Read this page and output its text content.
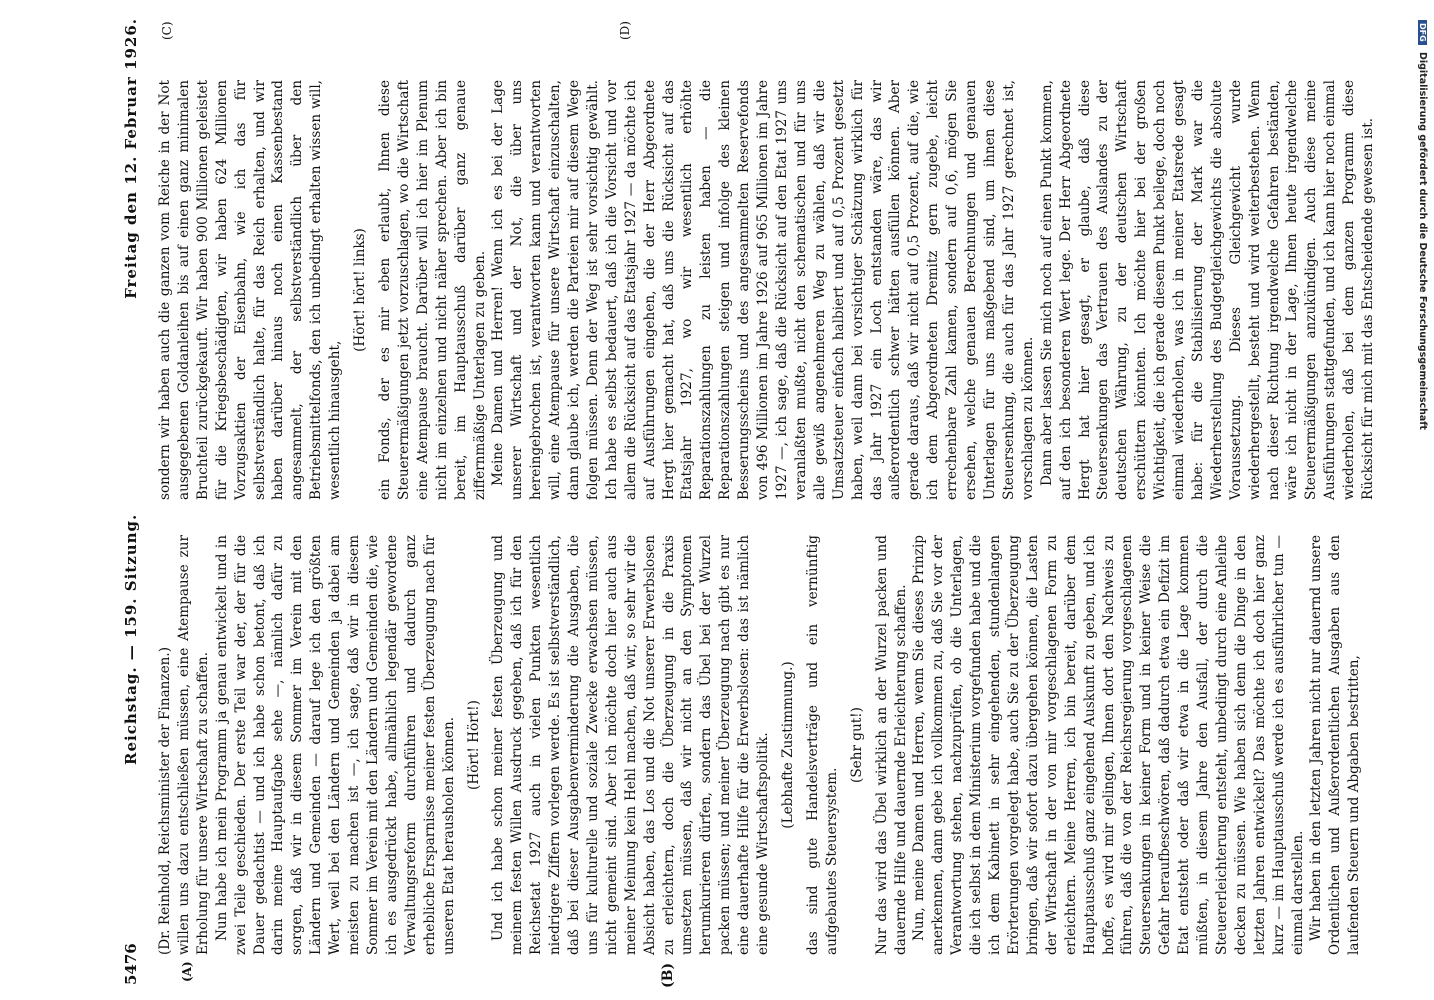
5476
Reichstag. — 159. Sitzung.
Freitag den 12. Februar 1926.
(A)	(B)
(C)	(D)

(Dr. Reinhold, Reichsminister der Finanzen.) willen uns dazu entschließen müssen, eine Atempause zur Erholung für unsere Wirtschaft zu schaffen. Nun habe ich mein Programm ja genau entwickelt und in zwei Teile geschieden. Der erste Teil war der, der für die Dauer gedachtist — und ich habe schon betont, daß ich darin meine Hauptaufgabe sehe —, nämlich dafür zu sorgen, daß wir in diesem Sommer im Verein mit den Ländern und Gemeinden — darauf lege ich den größten Wert, weil bei den Ländern und Gemeinden ja dabei am meisten zu machen ist —, ich sage, daß wir in diesem Sommer im Verein mit den Ländern und Gemeinden die, wie ich es ausgedrückt habe, allmählich legendär gewordene Verwaltungsreform durchführen und dadurch ganz erhebliche Ersparnisse meiner festen Überzeugung nach für unseren Etat herausholen können. (Hört! Hört!) Und ich habe schon meiner festen Überzeugung und meinem festen Willen Ausdruck gegeben, daß ich für den Reichsetat 1927 auch in vielen Punkten wesentlich niedrigere Ziffern vorlegen werde. Es ist selbstverständlich, daß bei dieser Ausgabenverminderung die Ausgaben, die uns für kulturelle und soziale Zwecke erwachsen müssen, nicht gemeint sind. Aber ich möchte doch hier auch aus meiner Meinung kein Hehl machen, daß wir, so sehr wir die Absicht haben, das Los und die Not unserer Erwerbslosen zu erleichtern, doch die Überzeugung in die Praxis umsetzen müssen, daß wir nicht an den Symptomen herumkurieren dürfen, sondern das Übel bei der Wurzel packen müssen; und meiner Überzeugung nach gibt es nur eine dauerhafte Hilfe für die Erwerbslosen: das ist nämlich eine gesunde Wirtschaftspolitik. (Lebhafte Zustimmung.) das sind gute Handelsverträge und ein vernünftig aufgebautes Steuersystem.

(Sehr gut!) Nur das wird das Übel wirklich an der Wurzel packen und dauernde Hilfe und dauernde Erleichterung schaffen. Nun, meine Damen und Herren, wenn Sie dieses Prinzip anerkennen, dann gebe ich vollkommen zu, daß Sie vor der Verantwortung stehen, nachzuprüfen, ob die Unterlagen, die ich selbst in dem Ministerium vorgefunden habe und die ich dem Kabinett in sehr eingehenden, stundenlangen Erörterungen vorgelegt habe, auch Sie zu der Überzeugung bringen, daß wir sofort dazu übergehen können, die Lasten der Wirtschaft in der von mir vorgeschlagenen Form zu erleichtern. Meine Herren, ich bin bereit, darüber dem Hauptausschuß ganz eingehend Auskunft zu geben, und ich hoffe, es wird mir gelingen, Ihnen dort den Nachweis zu führen, daß die von der Reichsregierung vorgeschlagenen Steuersenkungen in keiner Form und in keiner Weise die Gefahr heraufbeschwören, daß dadurch etwa ein Defizit im Etat entsteht oder daß wir etwa in die Lage kommen müßten, in diesem Jahre den Ausfall, der durch die Steuererleichterung entsteht, unbedingt durch eine Anleihe decken zu müssen. Wie haben sich denn die Dinge in den letzten Jahren entwickelt? Das möchte ich doch hier ganz kurz — im Hauptausschuß werde ich es ausführlicher tun — einmal darstellen. Wir haben in den letzten Jahren nicht nur dauernd unsere Ordentlichen und Außerordentlichen Ausgaben aus den laufenden Steuern und Abgaben bestritten,

sondern wir haben auch die ganzen vom Reiche in der Not ausgegebenen Goldanleihen bis auf einen ganz minimalen Bruchteil zurückgekauft. Wir haben 900 Millionen geleistet für die Kriegsbeschädigten, wir haben 624 Millionen Vorzugsaktien der Eisenbahn, wie ich das für selbstverständlich halte, für das Reich erhalten, und wir haben darüber hinaus noch einen Kassenbestand angesammelt, der selbstverständlich über den Betriebsmittelfonds, den ich unbedingt erhalten wissen will, wesentlich hinausgeht,

(Hört! hört! links) ein Fonds, der es mir eben erlaubt, Ihnen diese Steuerermäßigungen jetzt vorzuschlagen, wo die Wirtschaft eine Atempause braucht. Darüber will ich hier im Plenum nicht im einzelnen und nicht näher sprechen. Aber ich bin bereit, im Hauptausschuß darüber ganz genaue ziffernmäßige Unterlagen zu geben. Meine Damen und Herren! Wenn ich es bei der Lage unserer Wirtschaft und der Not, die über uns hereingebrochen ist, verantworten kann und verantworten will, eine Atempause für unsere Wirtschaft einzuschalten, dann glaube ich, werden die Parteien mir auf diesem Wege folgen müssen. Denn der Weg ist sehr vorsichtig gewählt. Ich habe es selbst bedauert, daß ich die Vorsicht und vor allem die Rücksicht auf das Etatsjahr 1927 — da möchte ich auf Ausführungen eingehen, die der Herr Abgeordnete Hergt hier gemacht hat, daß uns die Rücksicht auf das Etatsjahr 1927, wo wir wesentlich erhöhte Reparationszahlungen zu leisten haben — die Reparationszahlungen steigen und infolge des kleinen Besserungsscheins und des angesammelten Reservefonds von 496 Millionen im Jahre 1926 auf 965 Millionen im Jahre 1927 —, ich sage, daß die Rücksicht auf den Etat 1927 uns veranlaßten mußte, nicht den schematischen und für uns alle gewiß angenehmeren Weg zu wählen, daß wir die Umsatzsteuer einfach halbiert und auf 0,5 Prozent gesetzt haben, weil dann bei vorsichtiger Schätzung wirklich für das Jahr 1927 ein Loch entstanden wäre, das wir außerordentlich schwer hätten ausfüllen können. Aber gerade daraus, daß wir nicht auf 0,5 Prozent, auf die, wie ich dem Abgeordneten Dremitz gern zugebe, leicht errechenbare Zahl kamen, sondern auf 0,6, mögen Sie ersehen, welche genauen Berechnungen und genauen Unterlagen für uns maßgebend sind, um ihnen diese Steuersenkung, die auch für das Jahr 1927 gerechnet ist, vorschlagen zu können. Dann aber lassen Sie mich noch auf einen Punkt kommen, auf den ich besonderen Wert lege. Der Herr Abgeordnete Hergt hat hier gesagt, er glaube, daß diese Steuersenkungen das Vertrauen des Auslandes zu der deutschen Währung, zu der deutschen Wirtschaft erschüttern könnten. Ich möchte hier bei der großen Wichtigkeit, die ich gerade diesem Punkt beilege, doch noch einmal wiederholen, was ich in meiner Etatsrede gesagt habe: für die Stabilisierung der Mark war die Wiederherstellung des Budgetgleichgewichts die absolute Voraussetzung. Dieses Gleichgewicht wurde wiederhergestellt, besteht und wird weiterbestehen. Wenn nach dieser Richtung irgendwelche Gefahren beständen, wäre ich nicht in der Lage, Ihnen heute irgendwelche Steuerermäßigungen anzukündigen. Auch diese meine Ausführungen stattgefunden, und ich kann hier noch einmal wiederholen, daß bei dem ganzen Programm diese Rücksicht für mich mit das Entscheidende gewesen ist.

DFG Digitalisierung gefördert durch die Deutsche Forschungsgemeinschaft
